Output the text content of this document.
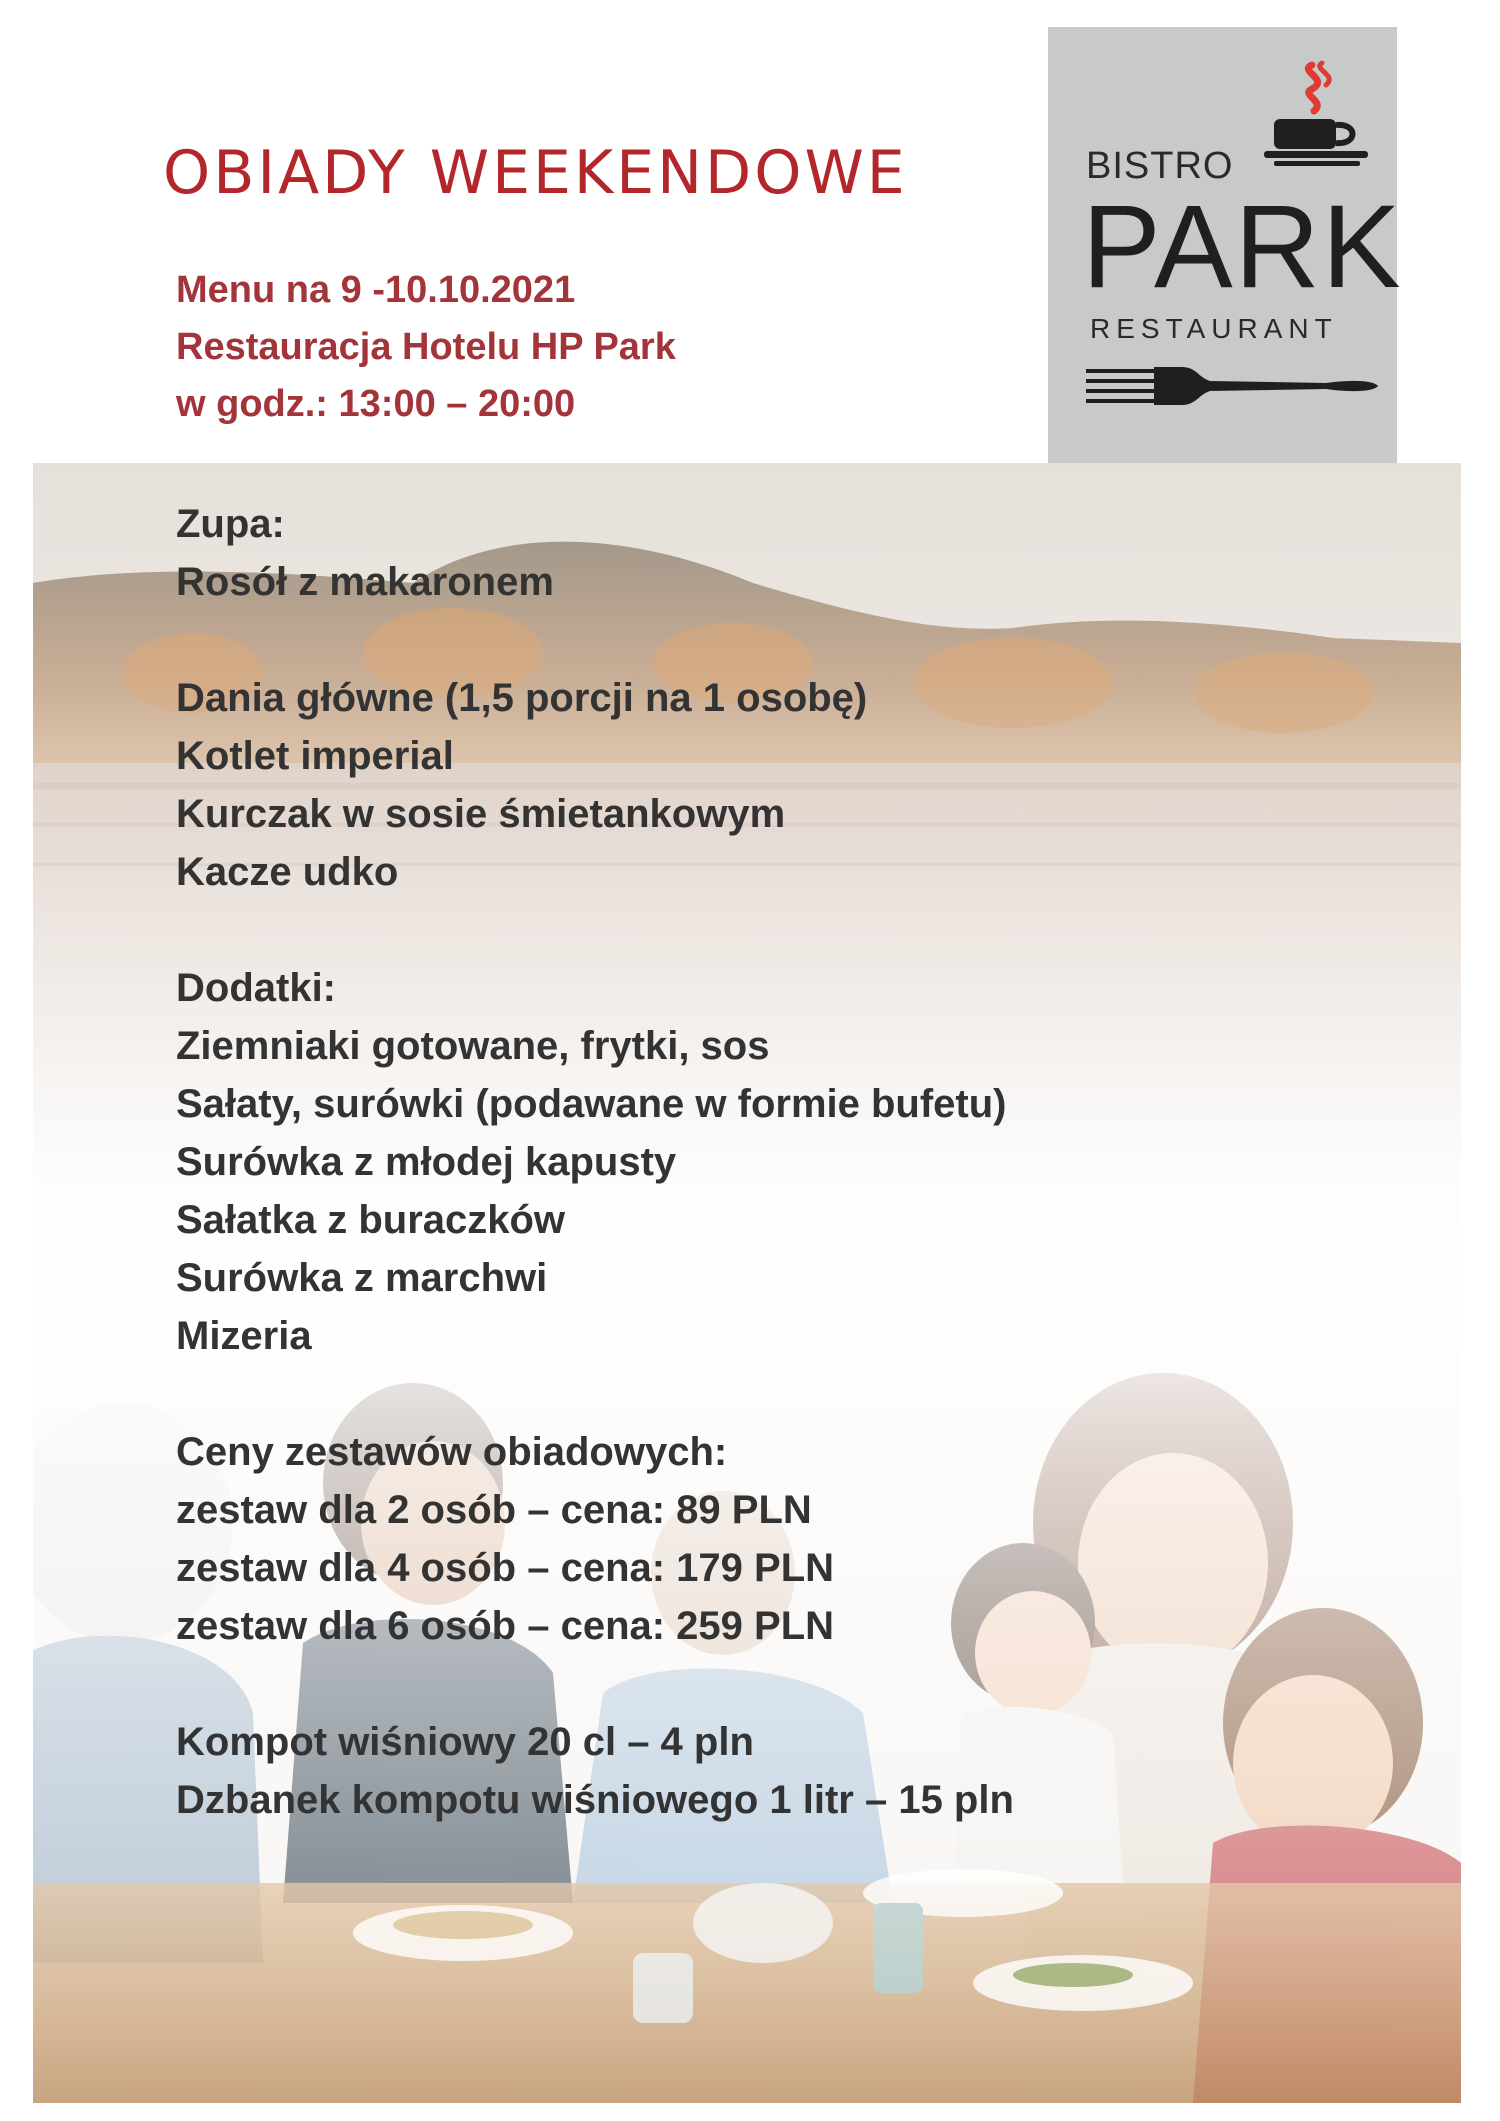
OBIADY WEEKENDOWE
Menu na 9 -10.10.2021
Restauracja Hotelu HP Park
w godz.: 13:00 – 20:00
BISTRO
PARK
RESTAURANT
Zupa:
Rosół z makaronem
Dania główne (1,5 porcji na 1 osobę)
Kotlet imperial
Kurczak w sosie śmietankowym
Kacze udko
Dodatki:
Ziemniaki gotowane, frytki, sos
Sałaty, surówki (podawane w formie bufetu)
Surówka z młodej kapusty
Sałatka z buraczków
Surówka z marchwi
Mizeria
Ceny zestawów obiadowych:
zestaw dla 2 osób – cena: 89 PLN
zestaw dla 4 osób – cena: 179 PLN
zestaw dla 6 osób – cena: 259 PLN
Kompot wiśniowy 20 cl – 4 pln
Dzbanek kompotu wiśniowego 1 litr – 15 pln
